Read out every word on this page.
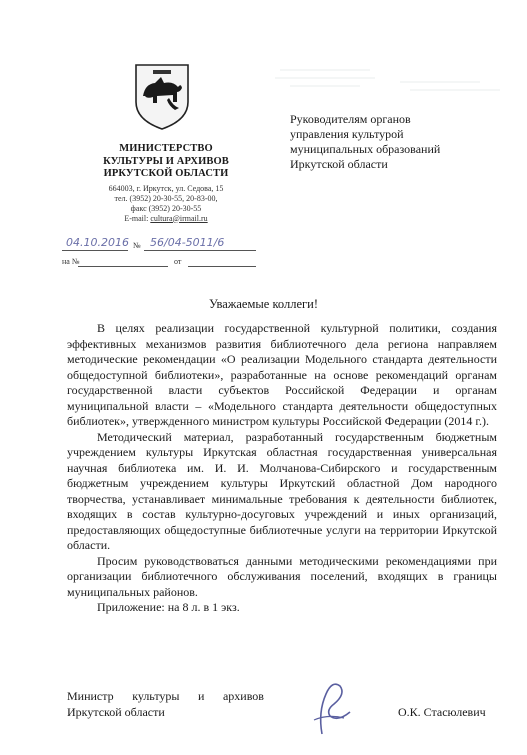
МИНИСТЕРСТВО
КУЛЬТУРЫ И АРХИВОВ
ИРКУТСКОЙ ОБЛАСТИ
664003, г. Иркутск, ул. Седова, 15
тел. (3952) 20-30-55, 20-83-00,
факс (3952) 20-30-55
E-mail: cultura@irmail.ru
Руководителям органов
управления культурой
муниципальных образований
Иркутской области
04.10.2016 № 56/04-5011/6
на №	от
Уважаемые коллеги!

В целях реализации государственной культурной политики, создания эффективных механизмов развития библиотечного дела региона направляем методические рекомендации «О реализации Модельного стандарта деятельности общедоступной библиотеки», разработанные на основе рекомендаций органам государственной власти субъектов Российской Федерации и органам муниципальной власти – «Модельного стандарта деятельности общедоступных библиотек», утвержденного министром культуры Российской Федерации (2014 г.).

Методический материал, разработанный государственным бюджетным учреждением культуры Иркутская областная государственная универсальная научная библиотека им. И. И. Молчанова-Сибирского и государственным бюджетным учреждением культуры Иркутский областной Дом народного творчества, устанавливает минимальные требования к деятельности библиотек, входящих в состав культурно-досуговых учреждений и иных организаций, предоставляющих общедоступные библиотечные услуги на территории Иркутской области.

Просим руководствоваться данными методическими рекомендациями при организации библиотечного обслуживания поселений, входящих в границы муниципальных районов.

Приложение: на 8 л. в 1 экз.

Министр культуры и архивов
Иркутской области	О.К. Стасюлевич
